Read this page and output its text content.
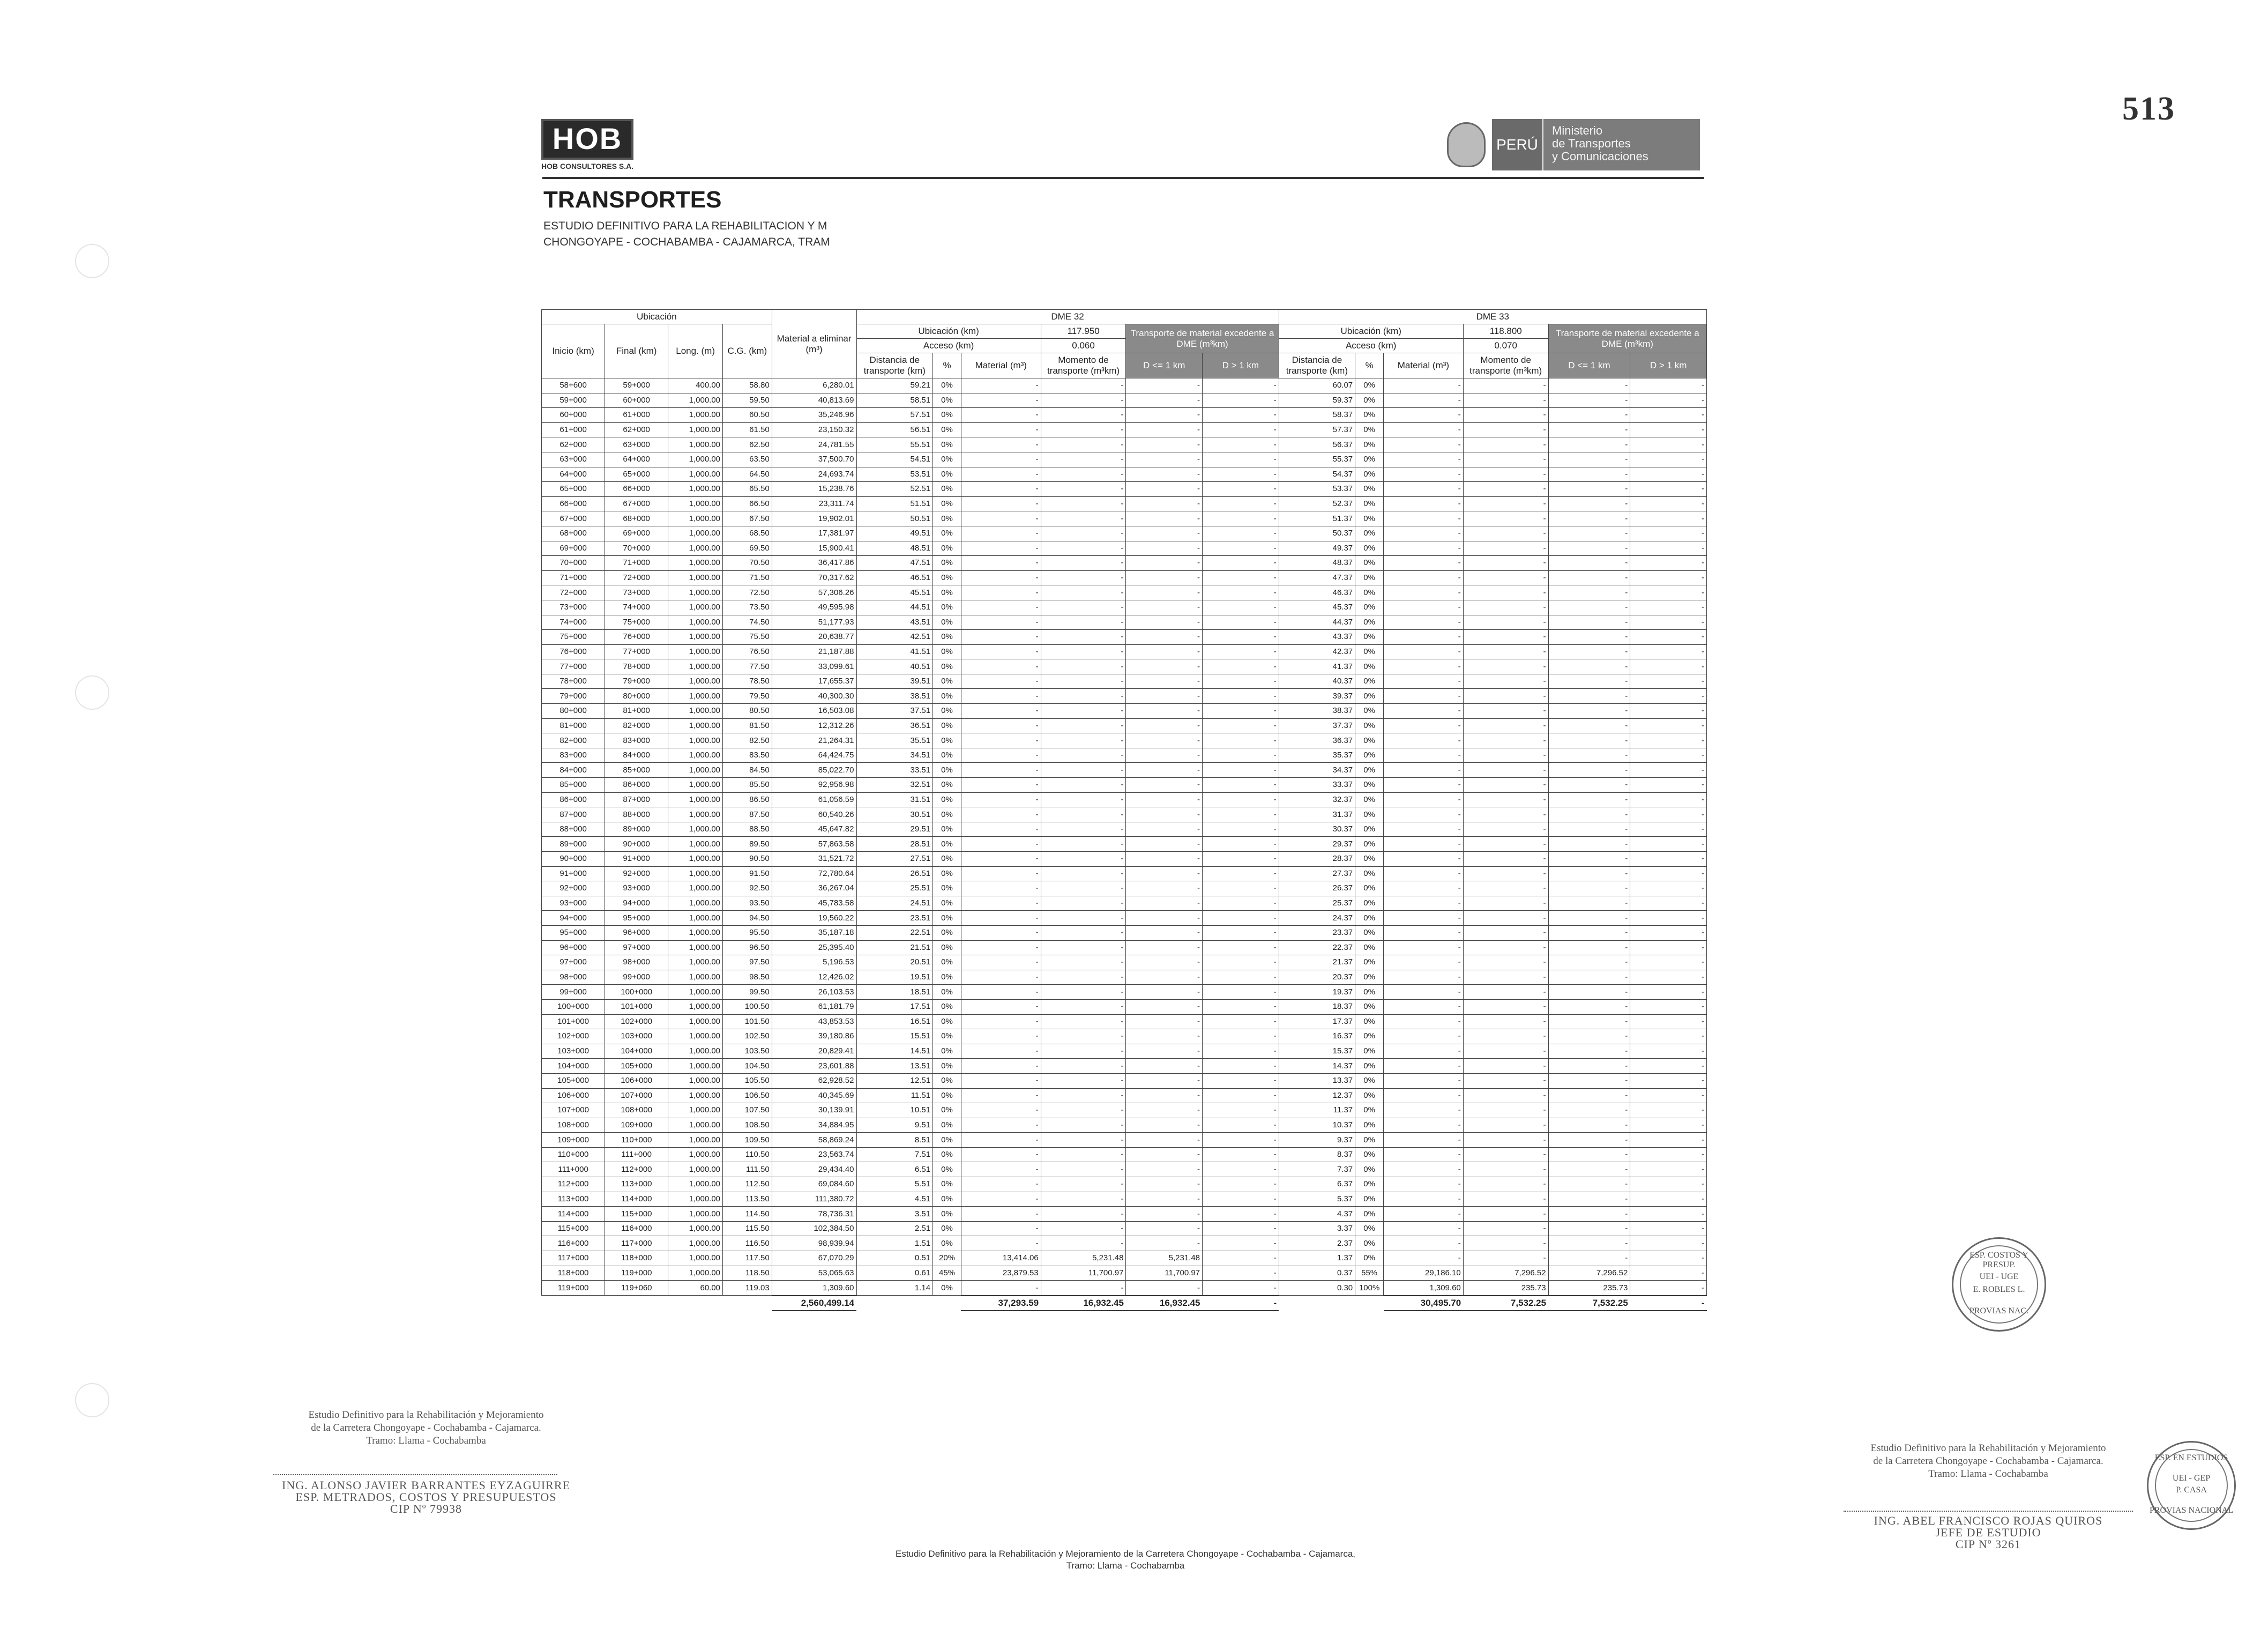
513
HOB
HOB CONSULTORES S.A.
PERÚ
Ministerio
de Transportes
y Comunicaciones
TRANSPORTES
ESTUDIO DEFINITIVO PARA LA REHABILITACION Y M
CHONGOYAPE - COCHABAMBA - CAJAMARCA, TRAM
Ubicación				Material a eliminar (m³)	DME 32						DME 33					
Inicio (km)	Final (km)	Long. (m)	C.G. (km)		Ubicación (km)			117.950	Transporte de material excedente a DME (m³km)		Ubicación (km)			118.800	Transporte de material excedente a DME (m³km)	
					Acceso (km)			0.060			Acceso (km)			0.070		
					Distancia de transporte (km)	%	Material (m³)	Momento de transporte (m³km)	D <= 1 km	D > 1 km	Distancia de transporte (km)	%	Material (m³)	Momento de transporte (m³km)	D <= 1 km	D > 1 km
58+600	59+000	400.00	58.80	6,280.01	59.21	0%	-	-	-	-	60.07	0%	-	-	-	-
59+000	60+000	1,000.00	59.50	40,813.69	58.51	0%	-	-	-	-	59.37	0%	-	-	-	-
60+000	61+000	1,000.00	60.50	35,246.96	57.51	0%	-	-	-	-	58.37	0%	-	-	-	-
61+000	62+000	1,000.00	61.50	23,150.32	56.51	0%	-	-	-	-	57.37	0%	-	-	-	-
62+000	63+000	1,000.00	62.50	24,781.55	55.51	0%	-	-	-	-	56.37	0%	-	-	-	-
63+000	64+000	1,000.00	63.50	37,500.70	54.51	0%	-	-	-	-	55.37	0%	-	-	-	-
64+000	65+000	1,000.00	64.50	24,693.74	53.51	0%	-	-	-	-	54.37	0%	-	-	-	-
65+000	66+000	1,000.00	65.50	15,238.76	52.51	0%	-	-	-	-	53.37	0%	-	-	-	-
66+000	67+000	1,000.00	66.50	23,311.74	51.51	0%	-	-	-	-	52.37	0%	-	-	-	-
67+000	68+000	1,000.00	67.50	19,902.01	50.51	0%	-	-	-	-	51.37	0%	-	-	-	-
68+000	69+000	1,000.00	68.50	17,381.97	49.51	0%	-	-	-	-	50.37	0%	-	-	-	-
69+000	70+000	1,000.00	69.50	15,900.41	48.51	0%	-	-	-	-	49.37	0%	-	-	-	-
70+000	71+000	1,000.00	70.50	36,417.86	47.51	0%	-	-	-	-	48.37	0%	-	-	-	-
71+000	72+000	1,000.00	71.50	70,317.62	46.51	0%	-	-	-	-	47.37	0%	-	-	-	-
72+000	73+000	1,000.00	72.50	57,306.26	45.51	0%	-	-	-	-	46.37	0%	-	-	-	-
73+000	74+000	1,000.00	73.50	49,595.98	44.51	0%	-	-	-	-	45.37	0%	-	-	-	-
74+000	75+000	1,000.00	74.50	51,177.93	43.51	0%	-	-	-	-	44.37	0%	-	-	-	-
75+000	76+000	1,000.00	75.50	20,638.77	42.51	0%	-	-	-	-	43.37	0%	-	-	-	-
76+000	77+000	1,000.00	76.50	21,187.88	41.51	0%	-	-	-	-	42.37	0%	-	-	-	-
77+000	78+000	1,000.00	77.50	33,099.61	40.51	0%	-	-	-	-	41.37	0%	-	-	-	-
78+000	79+000	1,000.00	78.50	17,655.37	39.51	0%	-	-	-	-	40.37	0%	-	-	-	-
79+000	80+000	1,000.00	79.50	40,300.30	38.51	0%	-	-	-	-	39.37	0%	-	-	-	-
80+000	81+000	1,000.00	80.50	16,503.08	37.51	0%	-	-	-	-	38.37	0%	-	-	-	-
81+000	82+000	1,000.00	81.50	12,312.26	36.51	0%	-	-	-	-	37.37	0%	-	-	-	-
82+000	83+000	1,000.00	82.50	21,264.31	35.51	0%	-	-	-	-	36.37	0%	-	-	-	-
83+000	84+000	1,000.00	83.50	64,424.75	34.51	0%	-	-	-	-	35.37	0%	-	-	-	-
84+000	85+000	1,000.00	84.50	85,022.70	33.51	0%	-	-	-	-	34.37	0%	-	-	-	-
85+000	86+000	1,000.00	85.50	92,956.98	32.51	0%	-	-	-	-	33.37	0%	-	-	-	-
86+000	87+000	1,000.00	86.50	61,056.59	31.51	0%	-	-	-	-	32.37	0%	-	-	-	-
87+000	88+000	1,000.00	87.50	60,540.26	30.51	0%	-	-	-	-	31.37	0%	-	-	-	-
88+000	89+000	1,000.00	88.50	45,647.82	29.51	0%	-	-	-	-	30.37	0%	-	-	-	-
89+000	90+000	1,000.00	89.50	57,863.58	28.51	0%	-	-	-	-	29.37	0%	-	-	-	-
90+000	91+000	1,000.00	90.50	31,521.72	27.51	0%	-	-	-	-	28.37	0%	-	-	-	-
91+000	92+000	1,000.00	91.50	72,780.64	26.51	0%	-	-	-	-	27.37	0%	-	-	-	-
92+000	93+000	1,000.00	92.50	36,267.04	25.51	0%	-	-	-	-	26.37	0%	-	-	-	-
93+000	94+000	1,000.00	93.50	45,783.58	24.51	0%	-	-	-	-	25.37	0%	-	-	-	-
94+000	95+000	1,000.00	94.50	19,560.22	23.51	0%	-	-	-	-	24.37	0%	-	-	-	-
95+000	96+000	1,000.00	95.50	35,187.18	22.51	0%	-	-	-	-	23.37	0%	-	-	-	-
96+000	97+000	1,000.00	96.50	25,395.40	21.51	0%	-	-	-	-	22.37	0%	-	-	-	-
97+000	98+000	1,000.00	97.50	5,196.53	20.51	0%	-	-	-	-	21.37	0%	-	-	-	-
98+000	99+000	1,000.00	98.50	12,426.02	19.51	0%	-	-	-	-	20.37	0%	-	-	-	-
99+000	100+000	1,000.00	99.50	26,103.53	18.51	0%	-	-	-	-	19.37	0%	-	-	-	-
100+000	101+000	1,000.00	100.50	61,181.79	17.51	0%	-	-	-	-	18.37	0%	-	-	-	-
101+000	102+000	1,000.00	101.50	43,853.53	16.51	0%	-	-	-	-	17.37	0%	-	-	-	-
102+000	103+000	1,000.00	102.50	39,180.86	15.51	0%	-	-	-	-	16.37	0%	-	-	-	-
103+000	104+000	1,000.00	103.50	20,829.41	14.51	0%	-	-	-	-	15.37	0%	-	-	-	-
104+000	105+000	1,000.00	104.50	23,601.88	13.51	0%	-	-	-	-	14.37	0%	-	-	-	-
105+000	106+000	1,000.00	105.50	62,928.52	12.51	0%	-	-	-	-	13.37	0%	-	-	-	-
106+000	107+000	1,000.00	106.50	40,345.69	11.51	0%	-	-	-	-	12.37	0%	-	-	-	-
107+000	108+000	1,000.00	107.50	30,139.91	10.51	0%	-	-	-	-	11.37	0%	-	-	-	-
108+000	109+000	1,000.00	108.50	34,884.95	9.51	0%	-	-	-	-	10.37	0%	-	-	-	-
109+000	110+000	1,000.00	109.50	58,869.24	8.51	0%	-	-	-	-	9.37	0%	-	-	-	-
110+000	111+000	1,000.00	110.50	23,563.74	7.51	0%	-	-	-	-	8.37	0%	-	-	-	-
111+000	112+000	1,000.00	111.50	29,434.40	6.51	0%	-	-	-	-	7.37	0%	-	-	-	-
112+000	113+000	1,000.00	112.50	69,084.60	5.51	0%	-	-	-	-	6.37	0%	-	-	-	-
113+000	114+000	1,000.00	113.50	111,380.72	4.51	0%	-	-	-	-	5.37	0%	-	-	-	-
114+000	115+000	1,000.00	114.50	78,736.31	3.51	0%	-	-	-	-	4.37	0%	-	-	-	-
115+000	116+000	1,000.00	115.50	102,384.50	2.51	0%	-	-	-	-	3.37	0%	-	-	-	-
116+000	117+000	1,000.00	116.50	98,939.94	1.51	0%	-	-	-	-	2.37	0%	-	-	-	-
117+000	118+000	1,000.00	117.50	67,070.29	0.51	20%	13,414.06	5,231.48	5,231.48	-	1.37	0%	-	-	-	-
118+000	119+000	1,000.00	118.50	53,065.63	0.61	45%	23,879.53	11,700.97	11,700.97	-	0.37	55%	29,186.10	7,296.52	7,296.52	-
119+000	119+060	60.00	119.03	1,309.60	1.14	0%	-	-	-	-	0.30	100%	1,309.60	235.73	235.73	-
				2,560,499.14			37,293.59	16,932.45	16,932.45	-			30,495.70	7,532.25	7,532.25	-
ESP. COSTOS Y PRESUP.
UEI - UGE
E. ROBLES L.
PROVIAS NAC.
Estudio Definitivo para la Rehabilitación y Mejoramiento
de la Carretera Chongoyape - Cochabamba - Cajamarca.
Tramo: Llama - Cochabamba
ING. ALONSO JAVIER BARRANTES EYZAGUIRRE
ESP. METRADOS, COSTOS Y PRESUPUESTOS
CIP Nº 79938
Estudio Definitivo para la Rehabilitación y Mejoramiento
de la Carretera Chongoyape - Cochabamba - Cajamarca.
Tramo: Llama - Cochabamba
ING. ABEL FRANCISCO ROJAS QUIROS
JEFE DE ESTUDIO
CIP Nº 3261
ESP. EN ESTUDIOS
UEI - GEP
P. CASA
PROVIAS NACIONAL
Estudio Definitivo para la Rehabilitación y Mejoramiento de la Carretera Chongoyape - Cochabamba - Cajamarca,
Tramo: Llama - Cochabamba
